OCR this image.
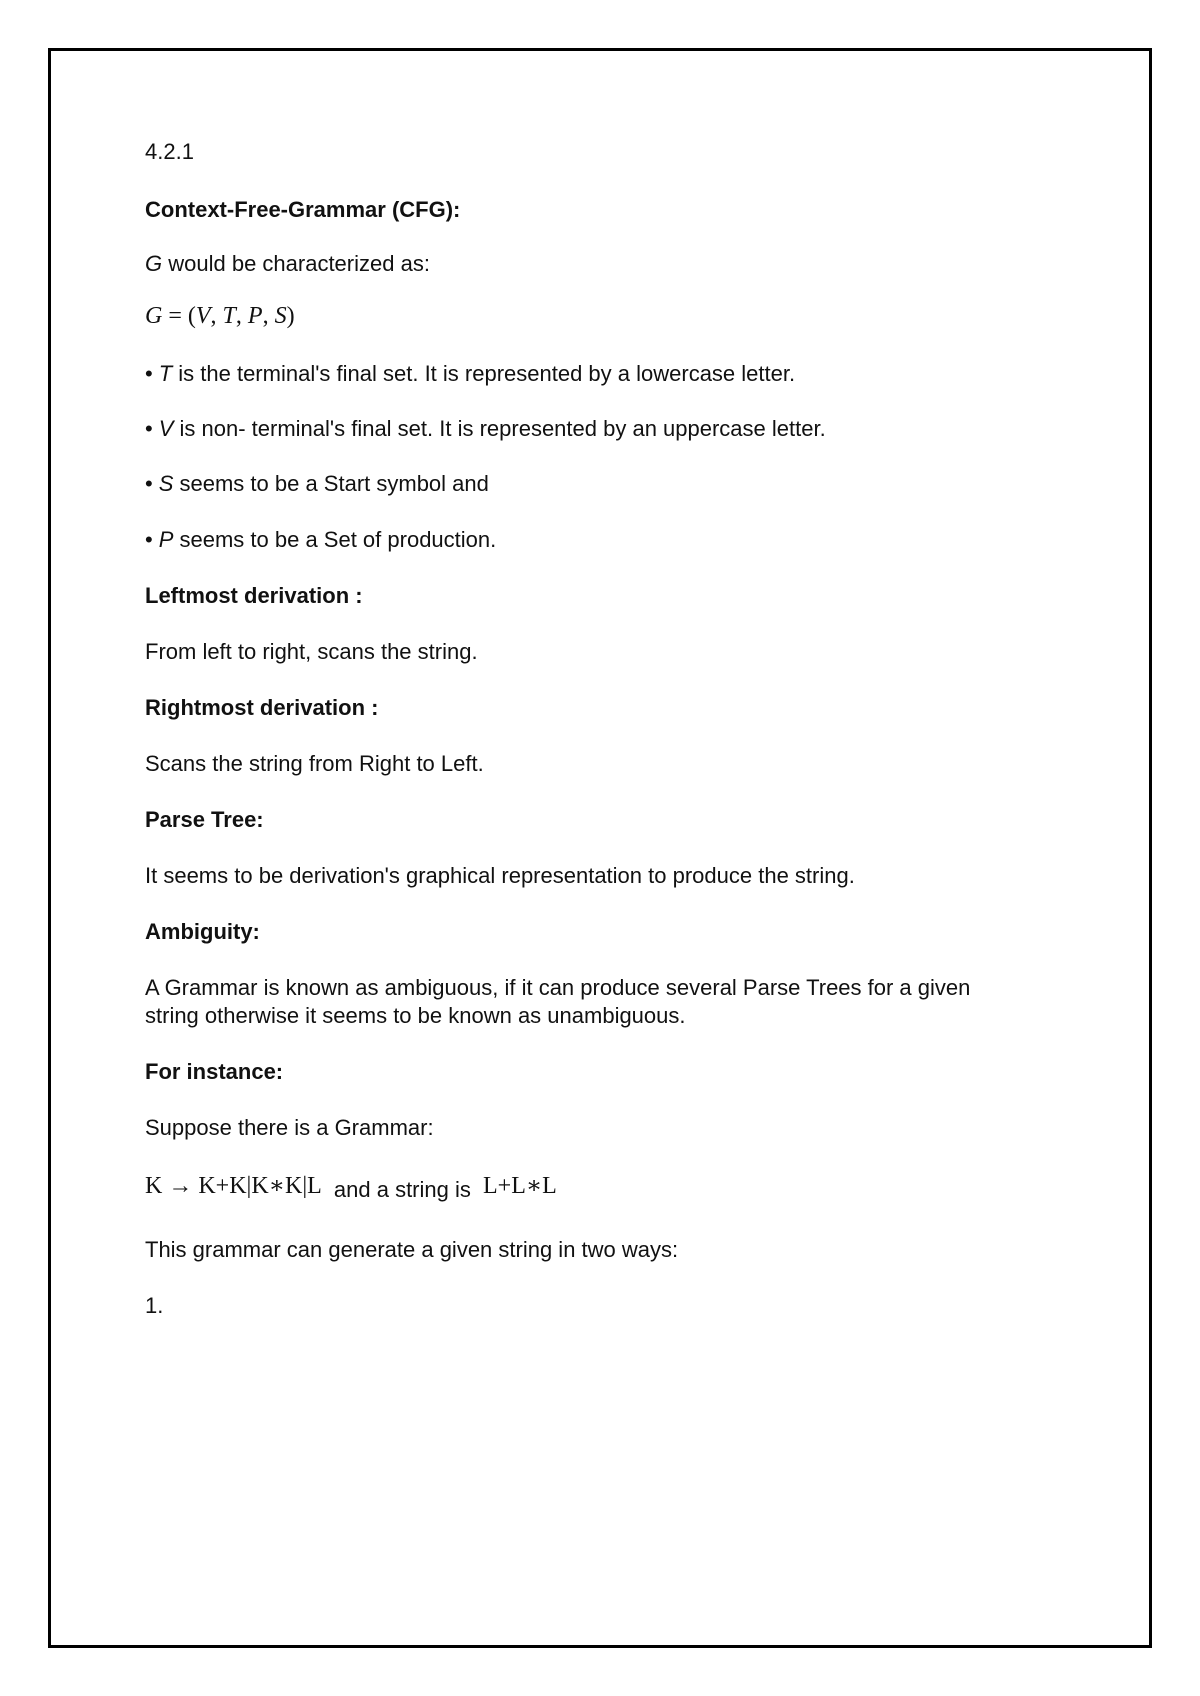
4.2.1
Context-Free-Grammar (CFG):
G would be characterized as:
G = (V, T, P, S)
• T is the terminal's final set. It is represented by a lowercase letter.
• V is non- terminal's final set. It is represented by an uppercase letter.
• S seems to be a Start symbol and
• P seems to be a Set of production.
Leftmost derivation :
From left to right, scans the string.
Rightmost derivation :
Scans the string from Right to Left.
Parse Tree:
It seems to be derivation's graphical representation to produce the string.
Ambiguity:
A Grammar is known as ambiguous, if it can produce several Parse Trees for a given string otherwise it seems to be known as unambiguous.
For instance:
Suppose there is a Grammar:
K → K+K|K∗K|L and a string is L+L∗L
This grammar can generate a given string in two ways:
1.
